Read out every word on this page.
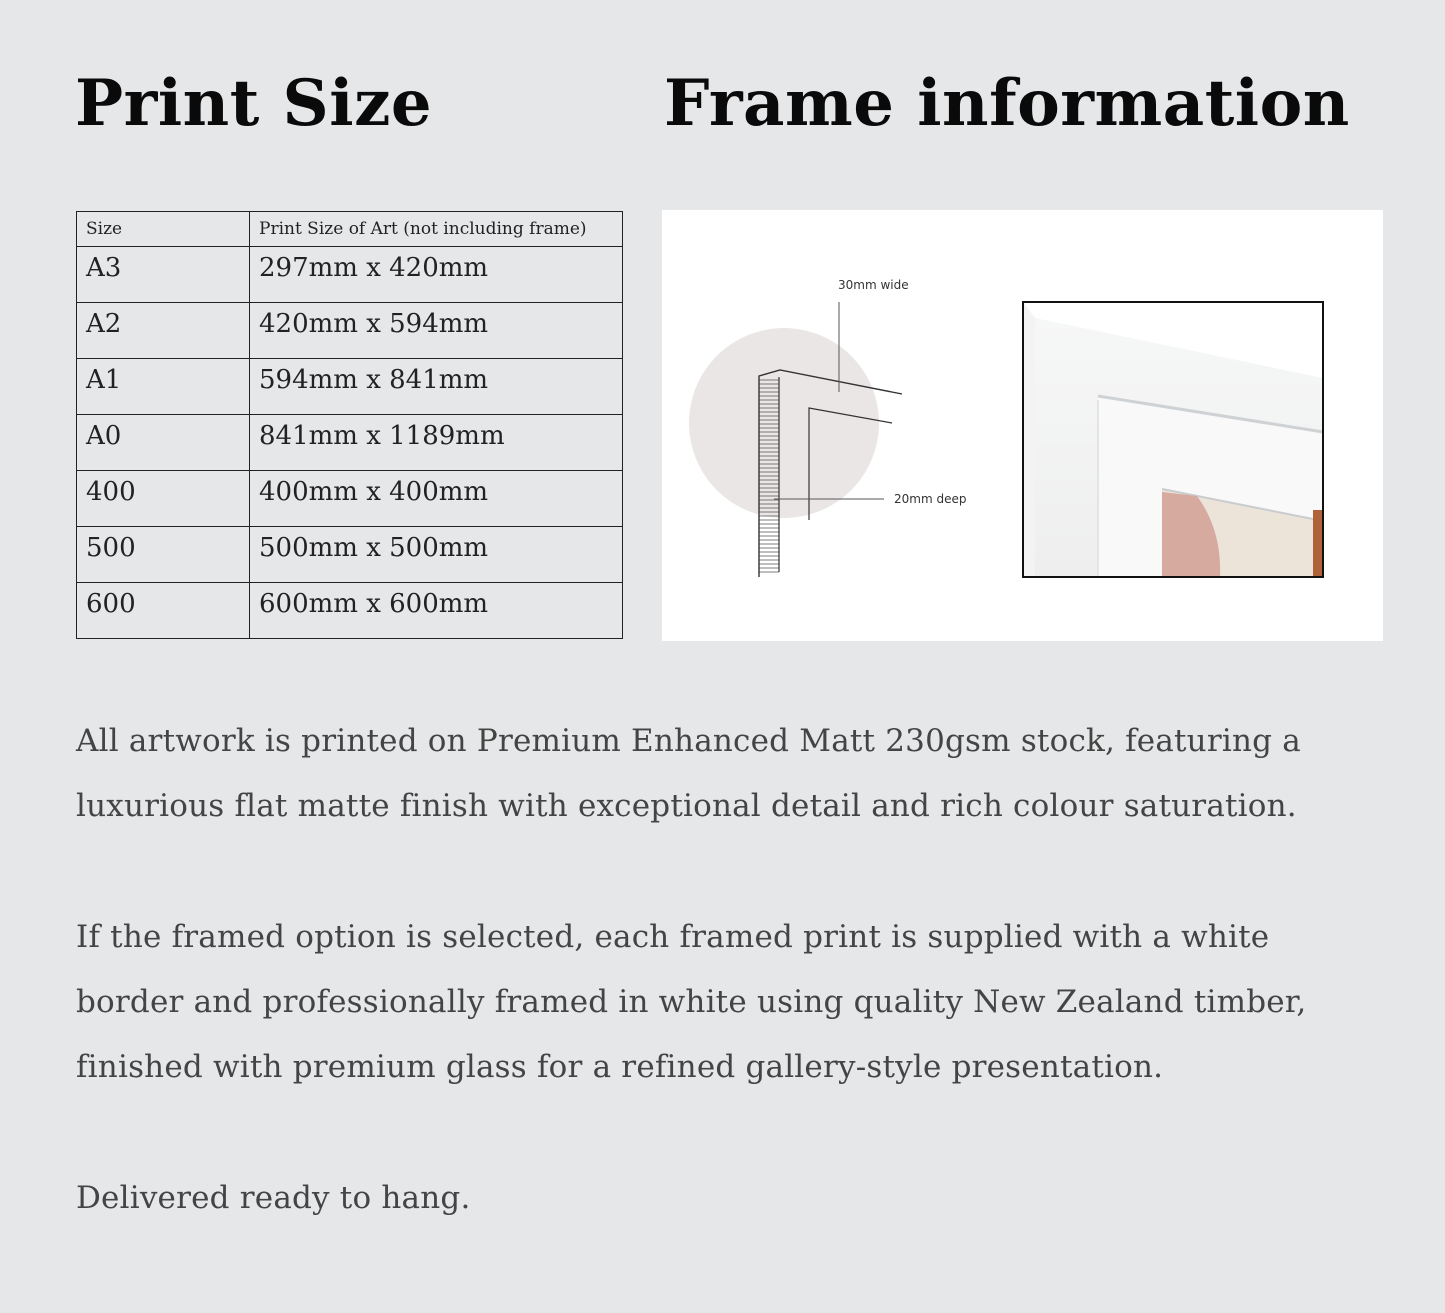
Print Size	Frame information
Size	Print Size of Art (not including frame)
A3	297mm x 420mm
A2	420mm x 594mm
A1	594mm x 841mm
A0	841mm x 1189mm
400	400mm x 400mm
500	500mm x 500mm
600	600mm x 600mm
30mm wide
20mm deep

All artwork is printed on Premium Enhanced Matt 230gsm stock, featuring a luxurious flat matte finish with exceptional detail and rich colour saturation.

If the framed option is selected, each framed print is supplied with a white border and professionally framed in white using quality New Zealand timber, finished with premium glass for a refined gallery-style presentation.

Delivered ready to hang.
